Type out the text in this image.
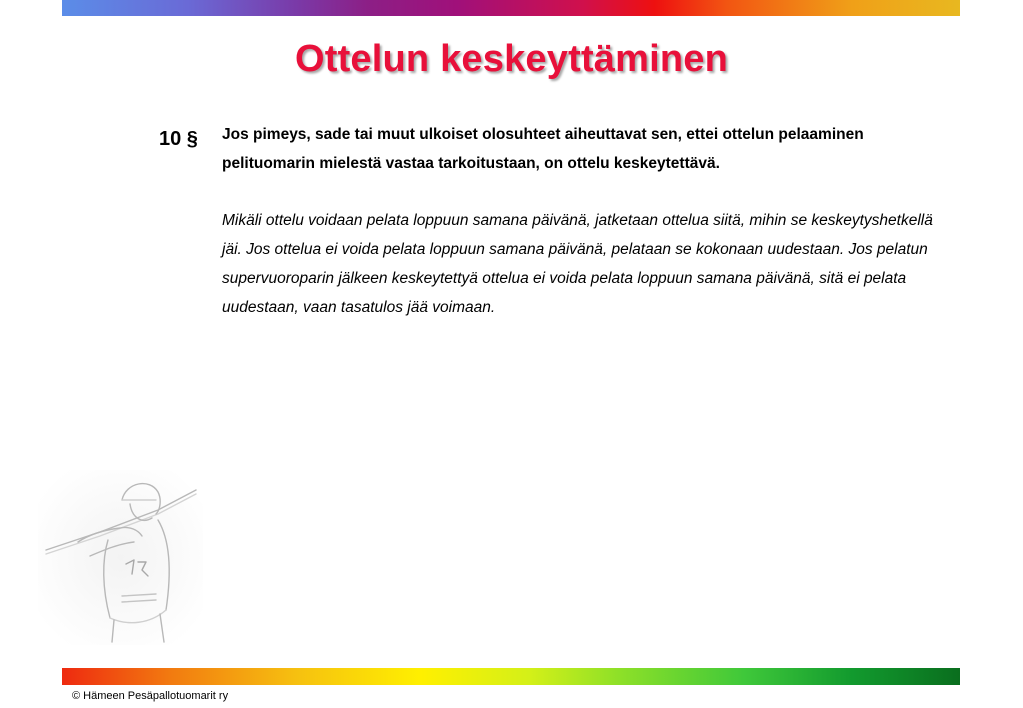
Ottelun keskeyttäminen
10 § Jos pimeys, sade tai muut ulkoiset olosuhteet aiheuttavat sen, ettei ottelun pelaaminen pelituomarin mielestä vastaa tarkoitustaan, on ottelu keskeytettävä.

Mikäli ottelu voidaan pelata loppuun samana päivänä, jatketaan ottelua siitä, mihin se keskeytyshetkellä jäi. Jos ottelua ei voida pelata loppuun samana päivänä, pelataan se kokonaan uudestaan. Jos pelatun supervuoroparin jälkeen keskeytettyä ottelua ei voida pelata loppuun samana päivänä, sitä ei pelata uudestaan, vaan tasatulos jää voimaan.

© Hämeen Pesäpallotuomarit ry
